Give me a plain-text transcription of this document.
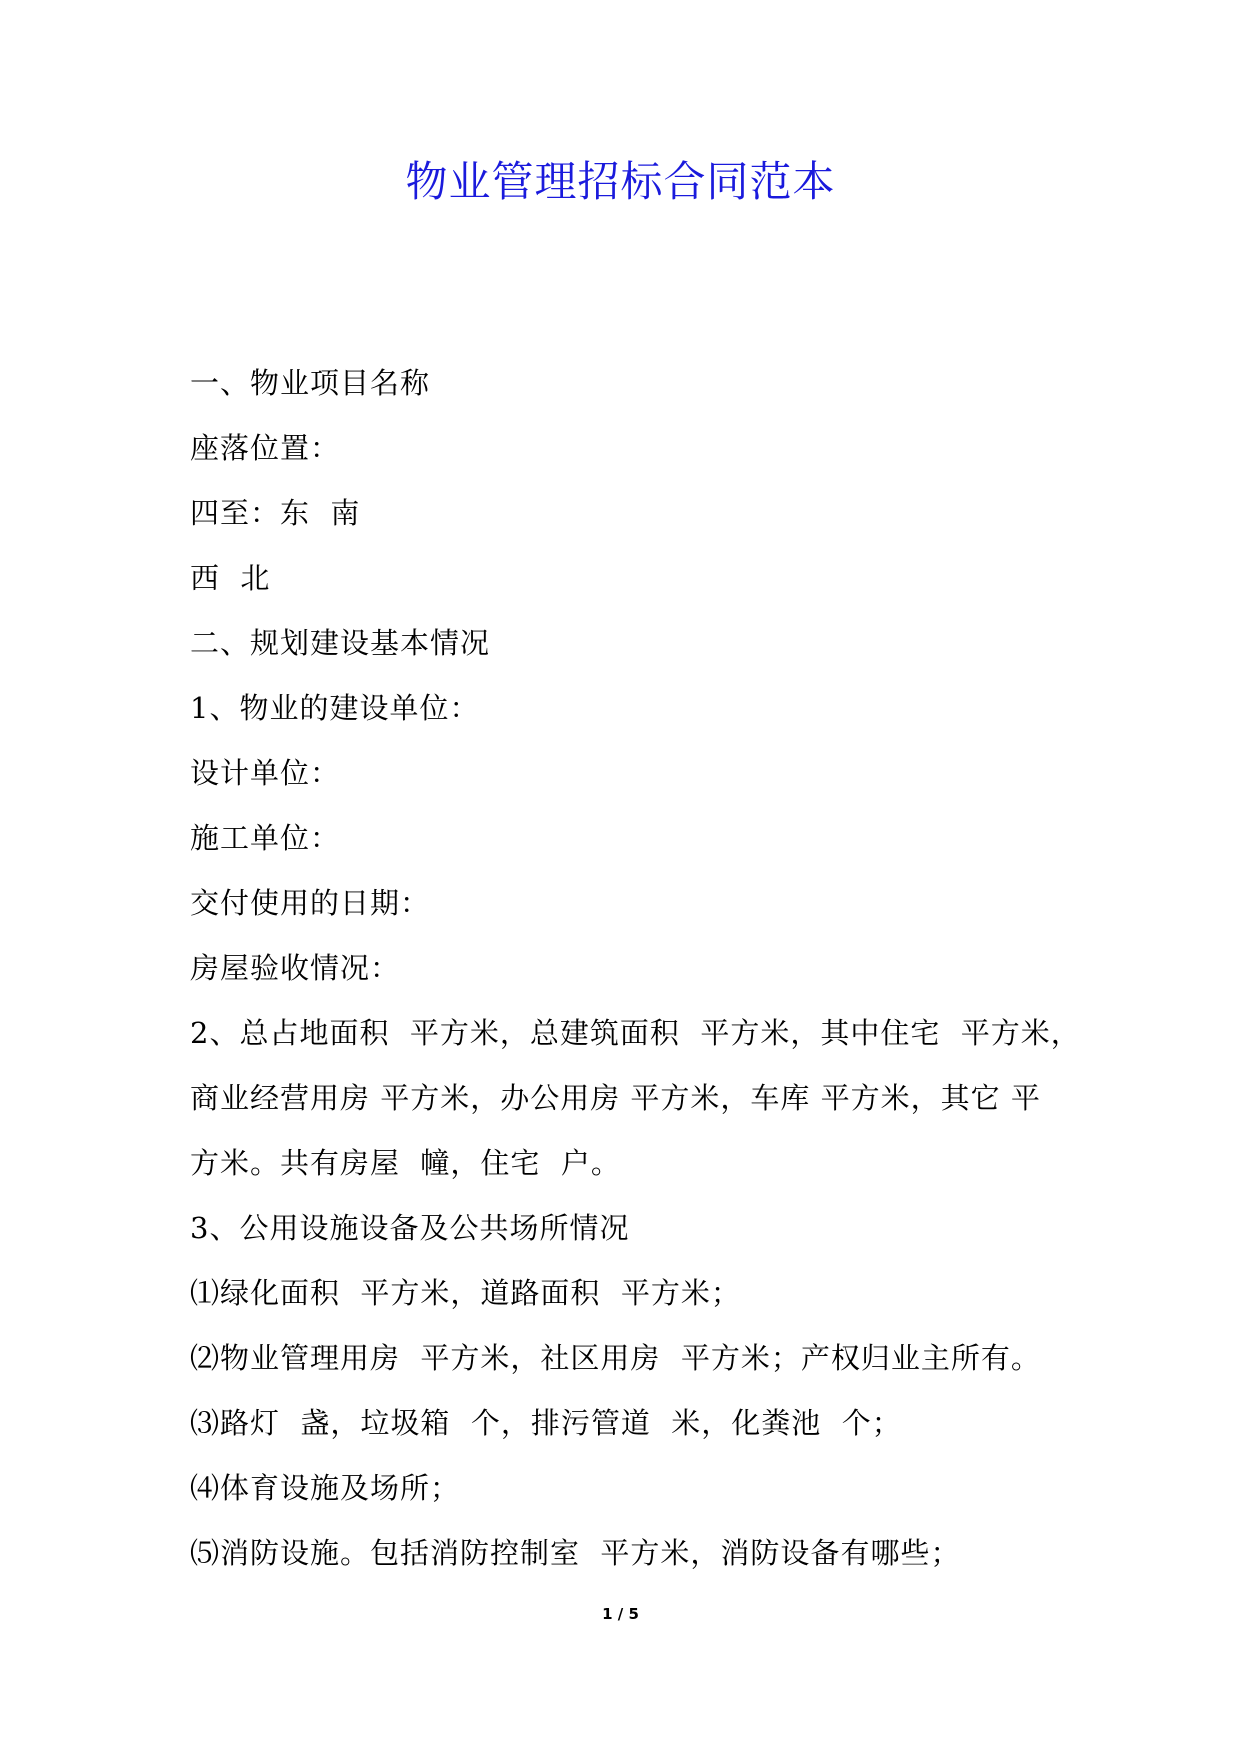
物业管理招标合同范本
一、物业项目名称
座落位置：
四至：东  南
西  北
二、规划建设基本情况
1、物业的建设单位：
设计单位：
施工单位：
交付使用的日期：
房屋验收情况：
2、总占地面积  平方米，总建筑面积  平方米，其中住宅  平方米，
商业经营用房 平方米，办公用房 平方米，车库 平方米，其它 平
方米。共有房屋  幢，住宅  户。
3、公用设施设备及公共场所情况
⑴绿化面积  平方米，道路面积  平方米；
⑵物业管理用房  平方米，社区用房  平方米；产权归业主所有。
⑶路灯  盏，垃圾箱  个，排污管道  米，化粪池  个；
⑷体育设施及场所；
⑸消防设施。包括消防控制室  平方米，消防设备有哪些；
1 / 5
